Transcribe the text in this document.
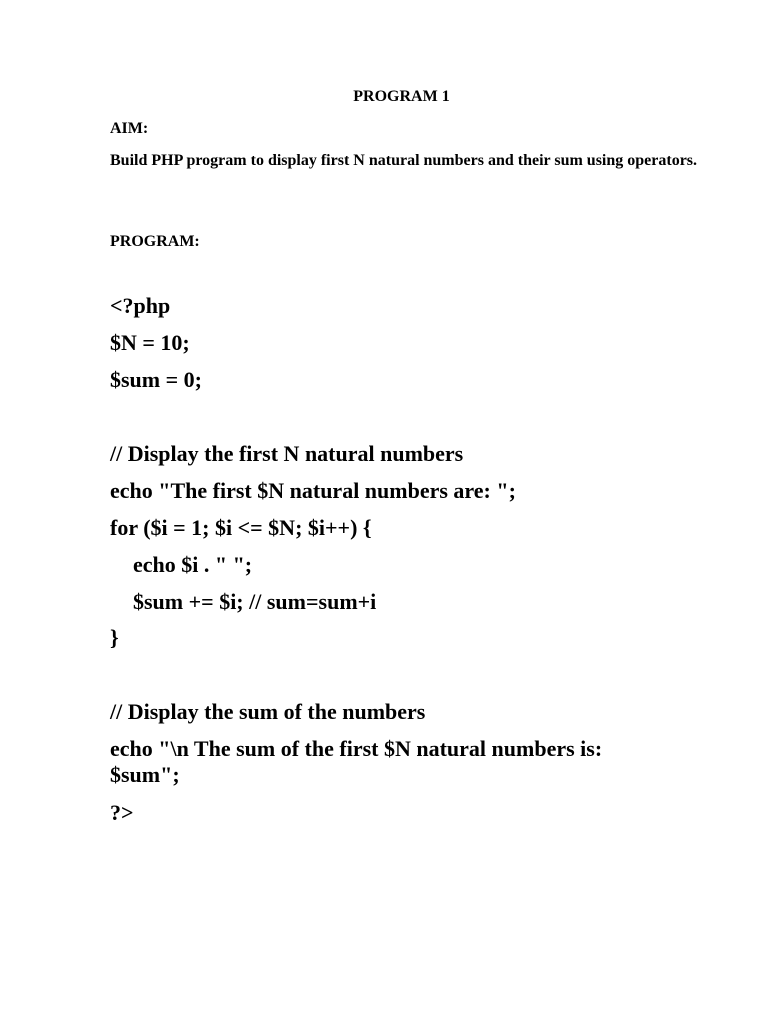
PROGRAM 1
AIM:
Build PHP program to display first N natural numbers and their sum using operators.
PROGRAM:
<?php
$N = 10;
$sum = 0;
// Display the first N natural numbers
echo "The first $N natural numbers are: ";
for ($i = 1; $i <= $N; $i++) {
echo $i . " ";
$sum += $i; // sum=sum+i
}
// Display the sum of the numbers
echo "\n The sum of the first $N natural numbers is: $sum";
?>
